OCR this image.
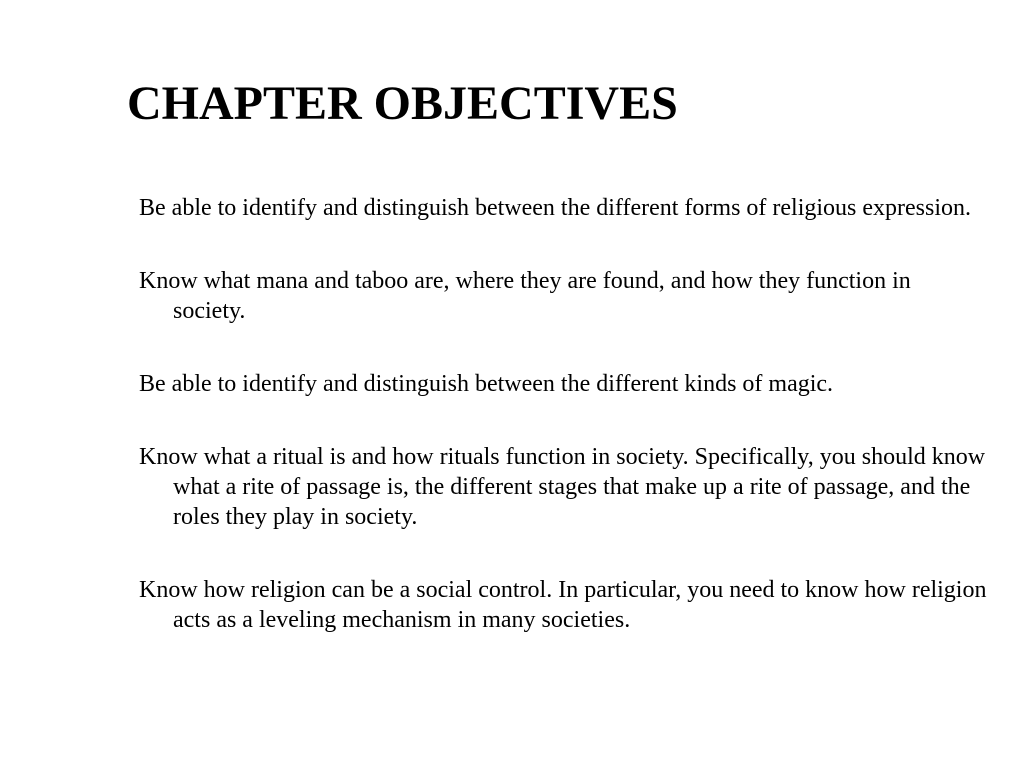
CHAPTER OBJECTIVES
Be able to identify and distinguish between the different forms of religious expression.
Know what mana and taboo are, where they are found, and how they function in society.
Be able to identify and distinguish between the different kinds of magic.
Know what a ritual is and how rituals function in society. Specifically, you should know what a rite of passage is, the different stages that make up a rite of passage, and the roles they play in society.
Know how religion can be a social control. In particular, you need to know how religion acts as a leveling mechanism in many societies.
